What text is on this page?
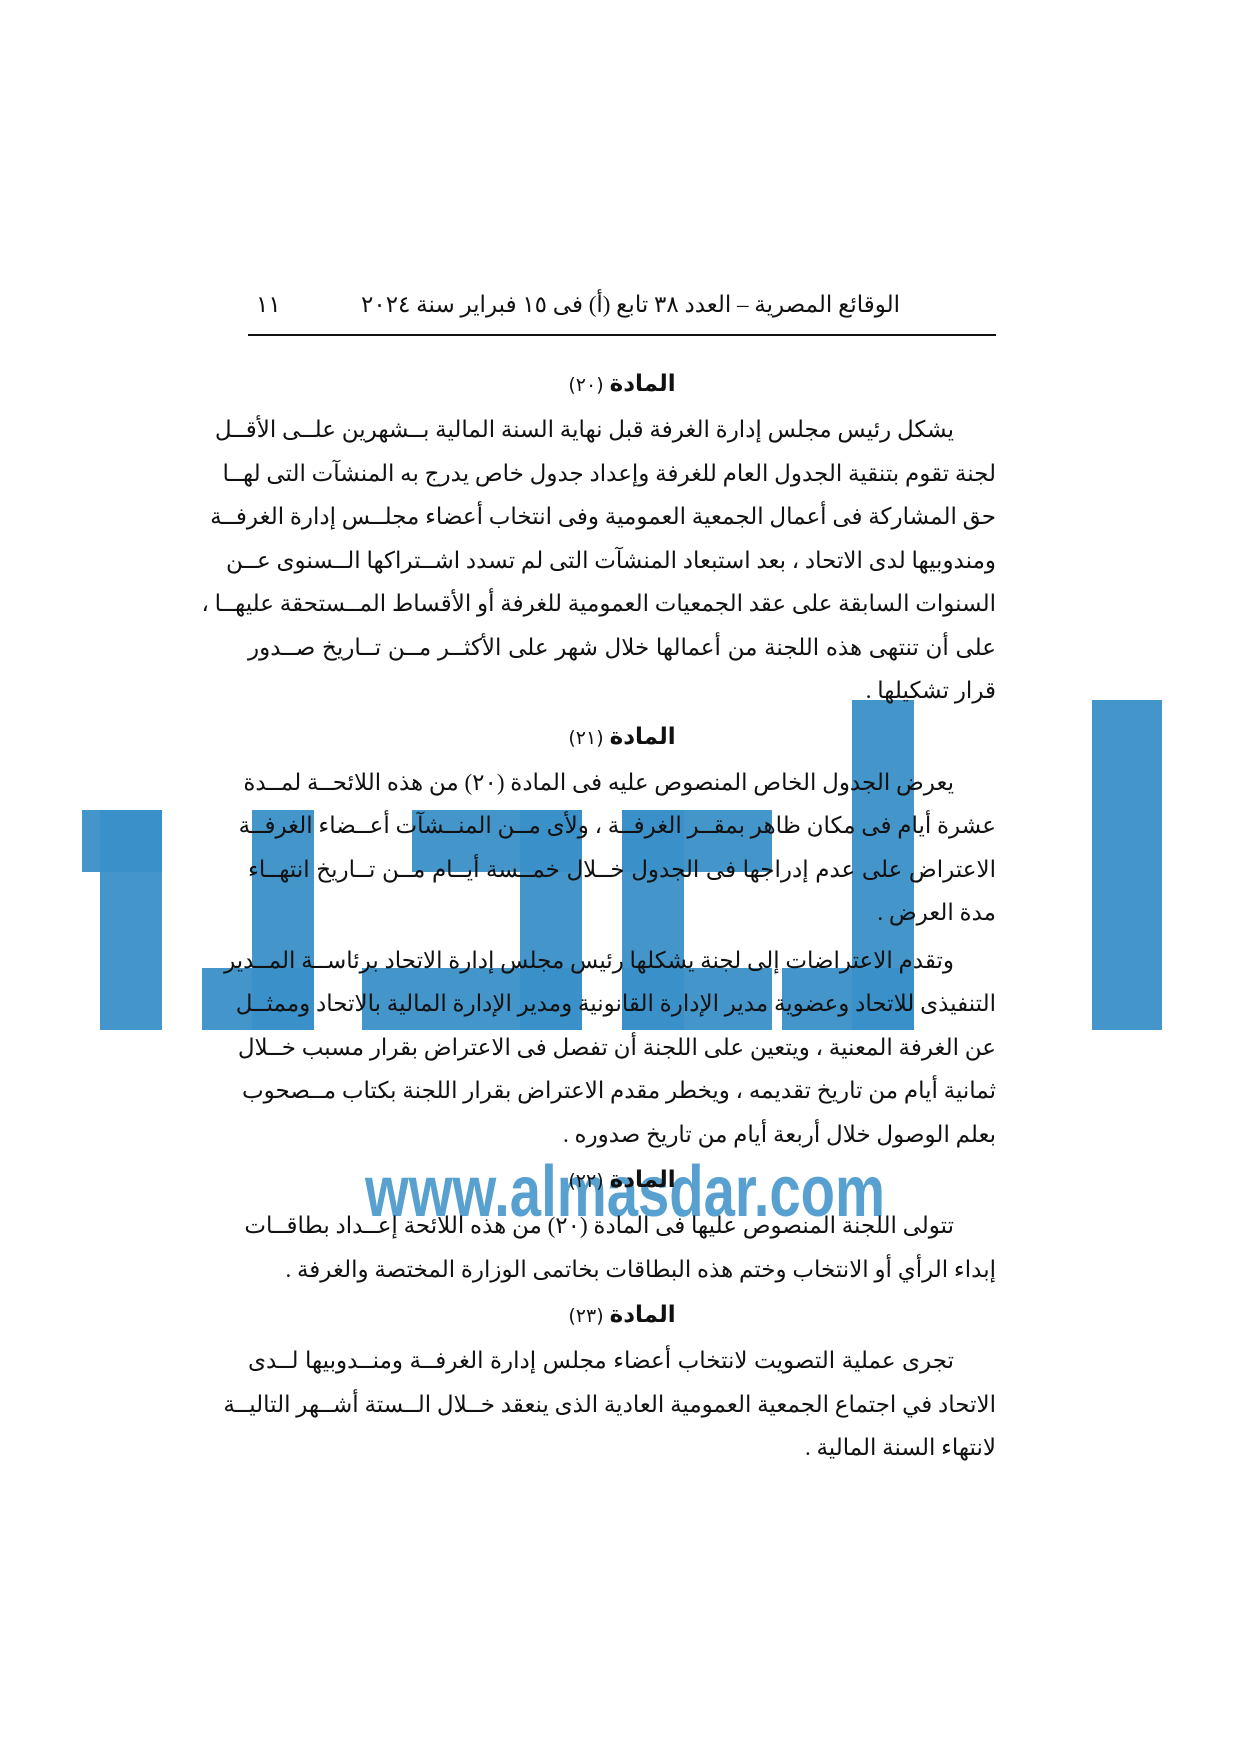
www.almasdar.com
الوقائع المصرية – العدد ٣٨ تابع (أ) فى ١٥ فبراير سنة ٢٠٢٤
١١
المادة (٢٠)
يشكل رئيس مجلس إدارة الغرفة قبل نهاية السنة المالية بــشهرين علــى الأقــل
لجنة تقوم بتنقية الجدول العام للغرفة وإعداد جدول خاص يدرج به المنشآت التى لهــا
حق المشاركة فى أعمال الجمعية العمومية وفى انتخاب أعضاء مجلــس إدارة الغرفــة
ومندوبيها لدى الاتحاد ، بعد استبعاد المنشآت التى لم تسدد اشــتراكها الــسنوى عــن
السنوات السابقة على عقد الجمعيات العمومية للغرفة أو الأقساط المــستحقة عليهــا ،
على أن تنتهى هذه اللجنة من أعمالها خلال شهر على الأكثــر مــن تــاريخ صــدور
قرار تشكيلها .
المادة (٢١)
يعرض الجدول الخاص المنصوص عليه فى المادة (٢٠) من هذه اللائحــة لمــدة
عشرة أيام فى مكان ظاهر بمقــر الغرفــة ، ولأى مــن المنــشآت أعــضاء الغرفــة
الاعتراض على عدم إدراجها فى الجدول خــلال خمــسة أيــام مــن تــاريخ انتهــاء
مدة العرض .
وتقدم الاعتراضات إلى لجنة يشكلها رئيس مجلس إدارة الاتحاد برئاســة المــدير
التنفيذى للاتحاد وعضوية مدير الإدارة القانونية ومدير الإدارة المالية بالاتحاد وممثــل
عن الغرفة المعنية ، ويتعين على اللجنة أن تفصل فى الاعتراض بقرار مسبب خــلال
ثمانية أيام من تاريخ تقديمه ، ويخطر مقدم الاعتراض بقرار اللجنة بكتاب مــصحوب
بعلم الوصول خلال أربعة أيام من تاريخ صدوره .
المادة (٢٢)
تتولى اللجنة المنصوص عليها فى المادة (٢٠) من هذه اللائحة إعــداد بطاقــات
إبداء الرأي أو الانتخاب وختم هذه البطاقات بخاتمى الوزارة المختصة والغرفة .
المادة (٢٣)
تجرى عملية التصويت لانتخاب أعضاء مجلس إدارة الغرفــة ومنــدوبيها لــدى
الاتحاد في اجتماع الجمعية العمومية العادية الذى ينعقد خــلال الــستة أشــهر التاليــة
لانتهاء السنة المالية .
